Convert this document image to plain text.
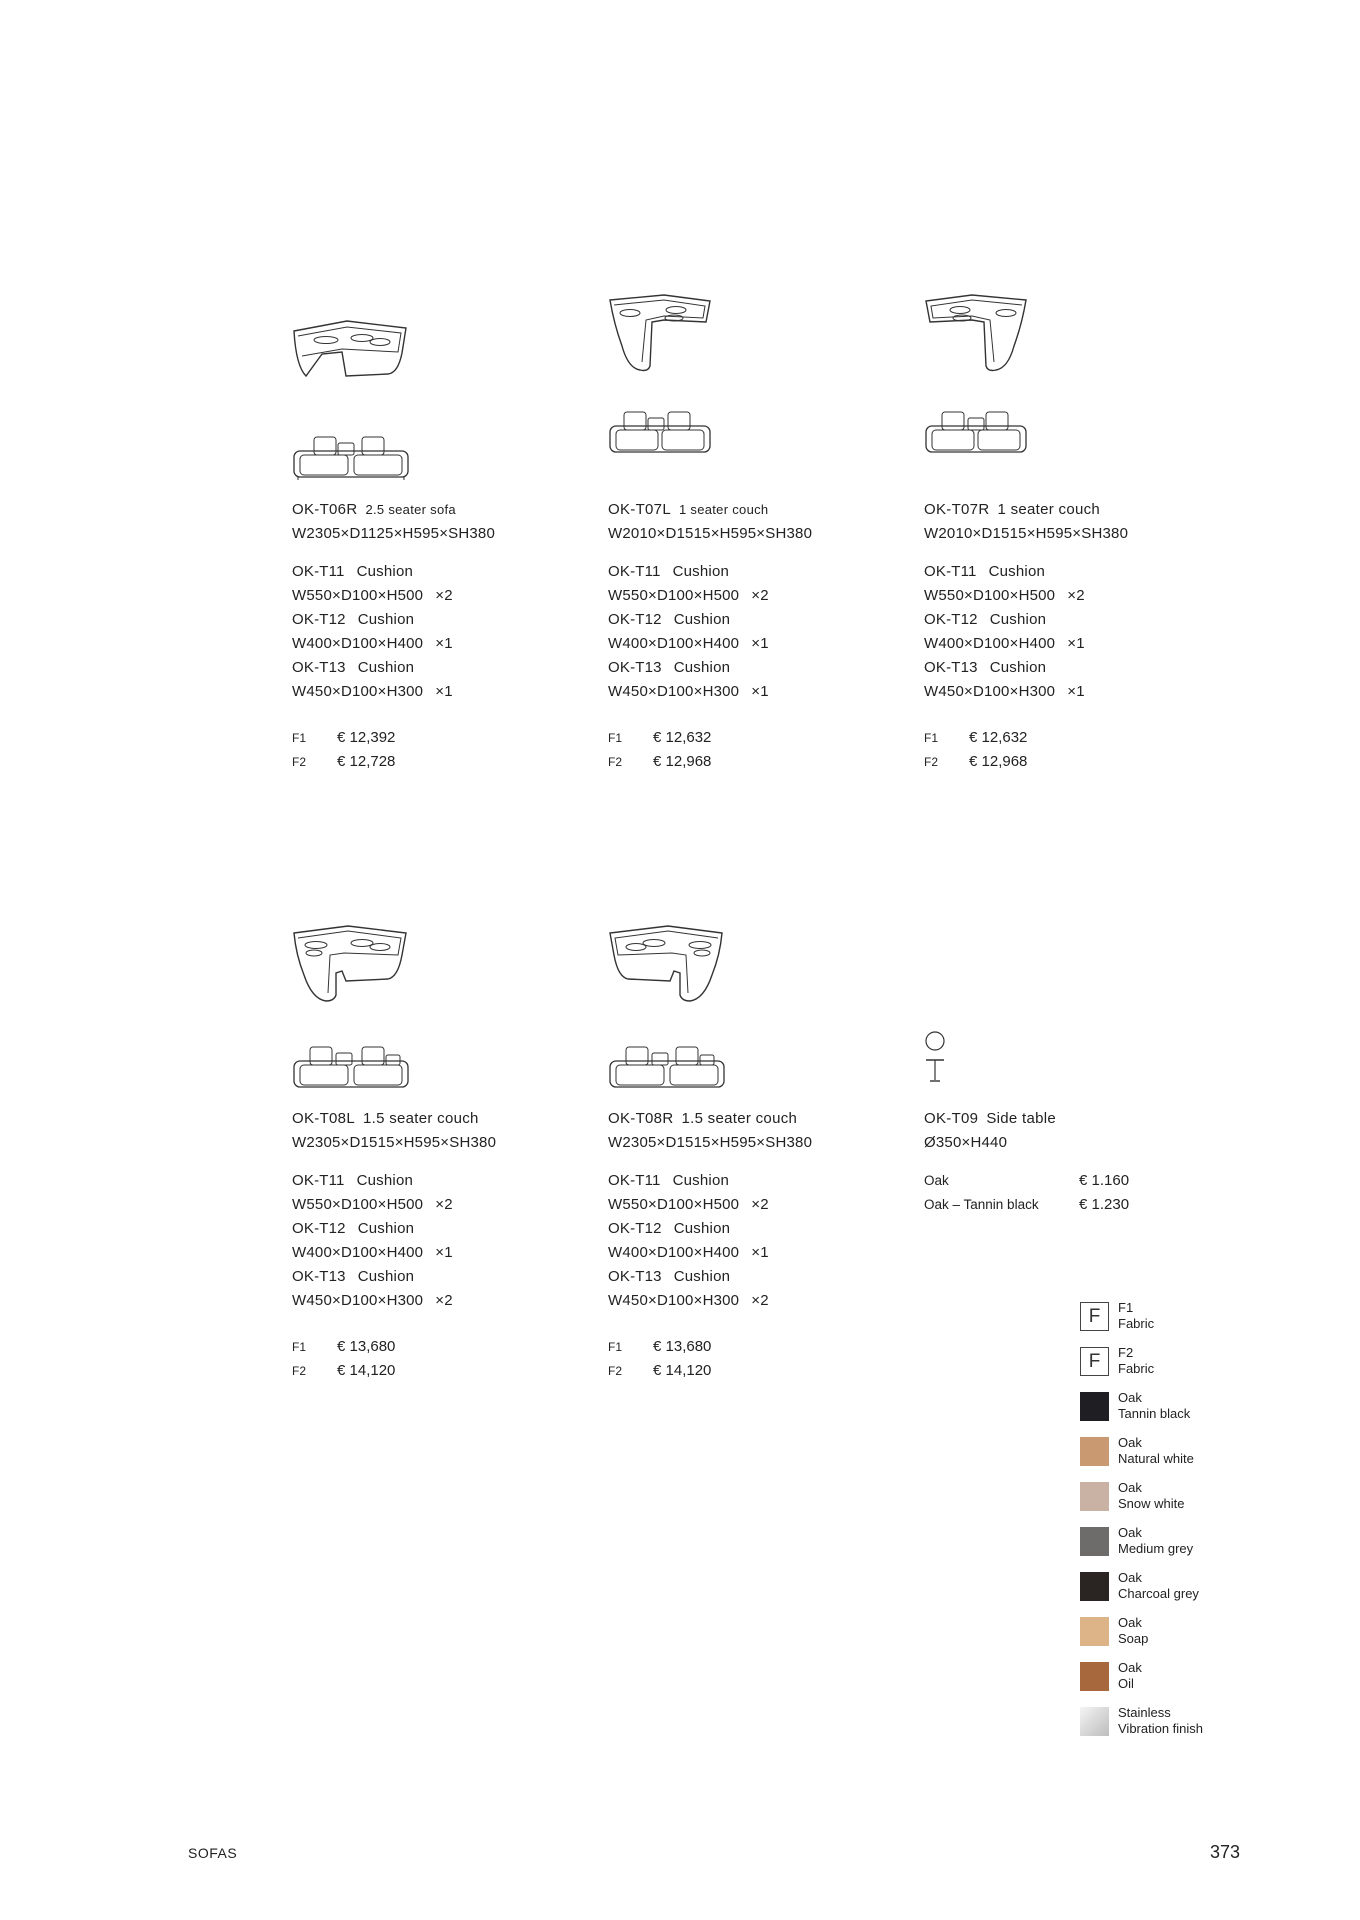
OK-T06R 2.5 seater sofa
W2305×D1125×H595×SH380
OK-T11 Cushion
W550×D100×H500 ×2
OK-T12 Cushion
W400×D100×H400 ×1
OK-T13 Cushion
W450×D100×H300 ×1
F1 € 12,392
F2 € 12,728
OK-T07L 1 seater couch
W2010×D1515×H595×SH380
OK-T11 Cushion
W550×D100×H500 ×2
OK-T12 Cushion
W400×D100×H400 ×1
OK-T13 Cushion
W450×D100×H300 ×1
F1 € 12,632
F2 € 12,968
OK-T07R 1 seater couch
W2010×D1515×H595×SH380
OK-T11 Cushion
W550×D100×H500 ×2
OK-T12 Cushion
W400×D100×H400 ×1
OK-T13 Cushion
W450×D100×H300 ×1
F1 € 12,632
F2 € 12,968
OK-T08L 1.5 seater couch
W2305×D1515×H595×SH380
OK-T11 Cushion
W550×D100×H500 ×2
OK-T12 Cushion
W400×D100×H400 ×1
OK-T13 Cushion
W450×D100×H300 ×2
F1 € 13,680
F2 € 14,120
OK-T08R 1.5 seater couch
W2305×D1515×H595×SH380
OK-T11 Cushion
W550×D100×H500 ×2
OK-T12 Cushion
W400×D100×H400 ×1
OK-T13 Cushion
W450×D100×H300 ×2
F1 € 13,680
F2 € 14,120
OK-T09 Side table
Ø350×H440
Oak	€ 1.160
Oak – Tannin black	€ 1.230
F	F1
Fabric
F	F2
Fabric
Oak
Tannin black
Oak
Natural white
Oak
Snow white
Oak
Medium grey
Oak
Charcoal grey
Oak
Soap
Oak
Oil
Stainless
Vibration finish
SOFAS	373
